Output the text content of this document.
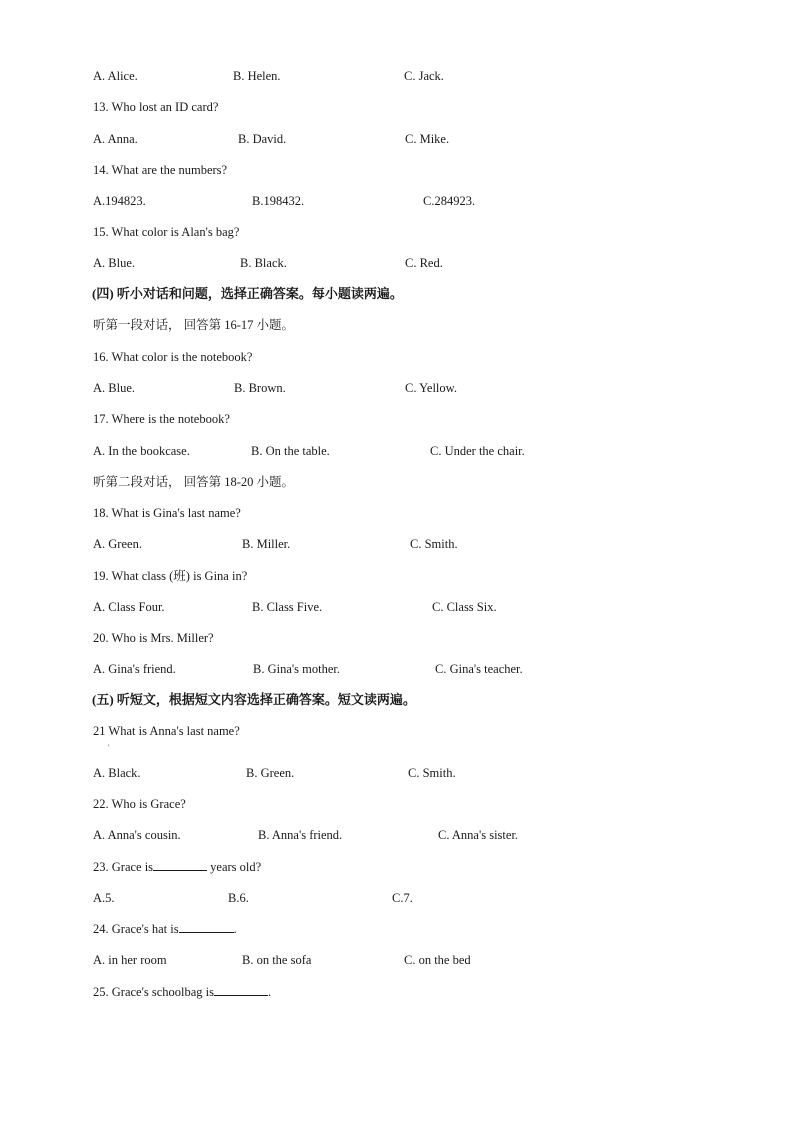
A. Alice.	B. Helen.	C. Jack.
13. Who lost an ID card?
A. Anna.	B. David.	C. Mike.
14. What are the numbers?
A.194823.	B.198432.	C.284923.
15. What color is Alan's bag?
A. Blue.	B. Black.	C. Red.
(四) 听小对话和问题，选择正确答案。每小题读两遍。
听第一段对话， 回答第 16-17 小题。
16. What color is the notebook?
A. Blue.	B. Brown.	C. Yellow.
17. Where is the notebook?
A. In the bookcase.	B. On the table.	C. Under the chair.
听第二段对话， 回答第 18-20 小题。
18. What is Gina's last name?
A. Green.	B. Miller.	C. Smith.
19. What class (班) is Gina in?
A. Class Four.	B. Class Five.	C. Class Six.
20. Who is Mrs. Miller?
A. Gina's friend.	B. Gina's mother.	C. Gina's teacher.
(五) 听短文，根据短文内容选择正确答案。短文读两遍。
21 What is Anna's last name?
'
A. Black.	B. Green.	C. Smith.
22. Who is Grace?
A. Anna's cousin.	B. Anna's friend.	C. Anna's sister.
23. Grace is	years old?
A.5.	B.6.	C.7.
24. Grace's hat is	.
A. in her room	B. on the sofa	C. on the bed
25. Grace's schoolbag is	.
